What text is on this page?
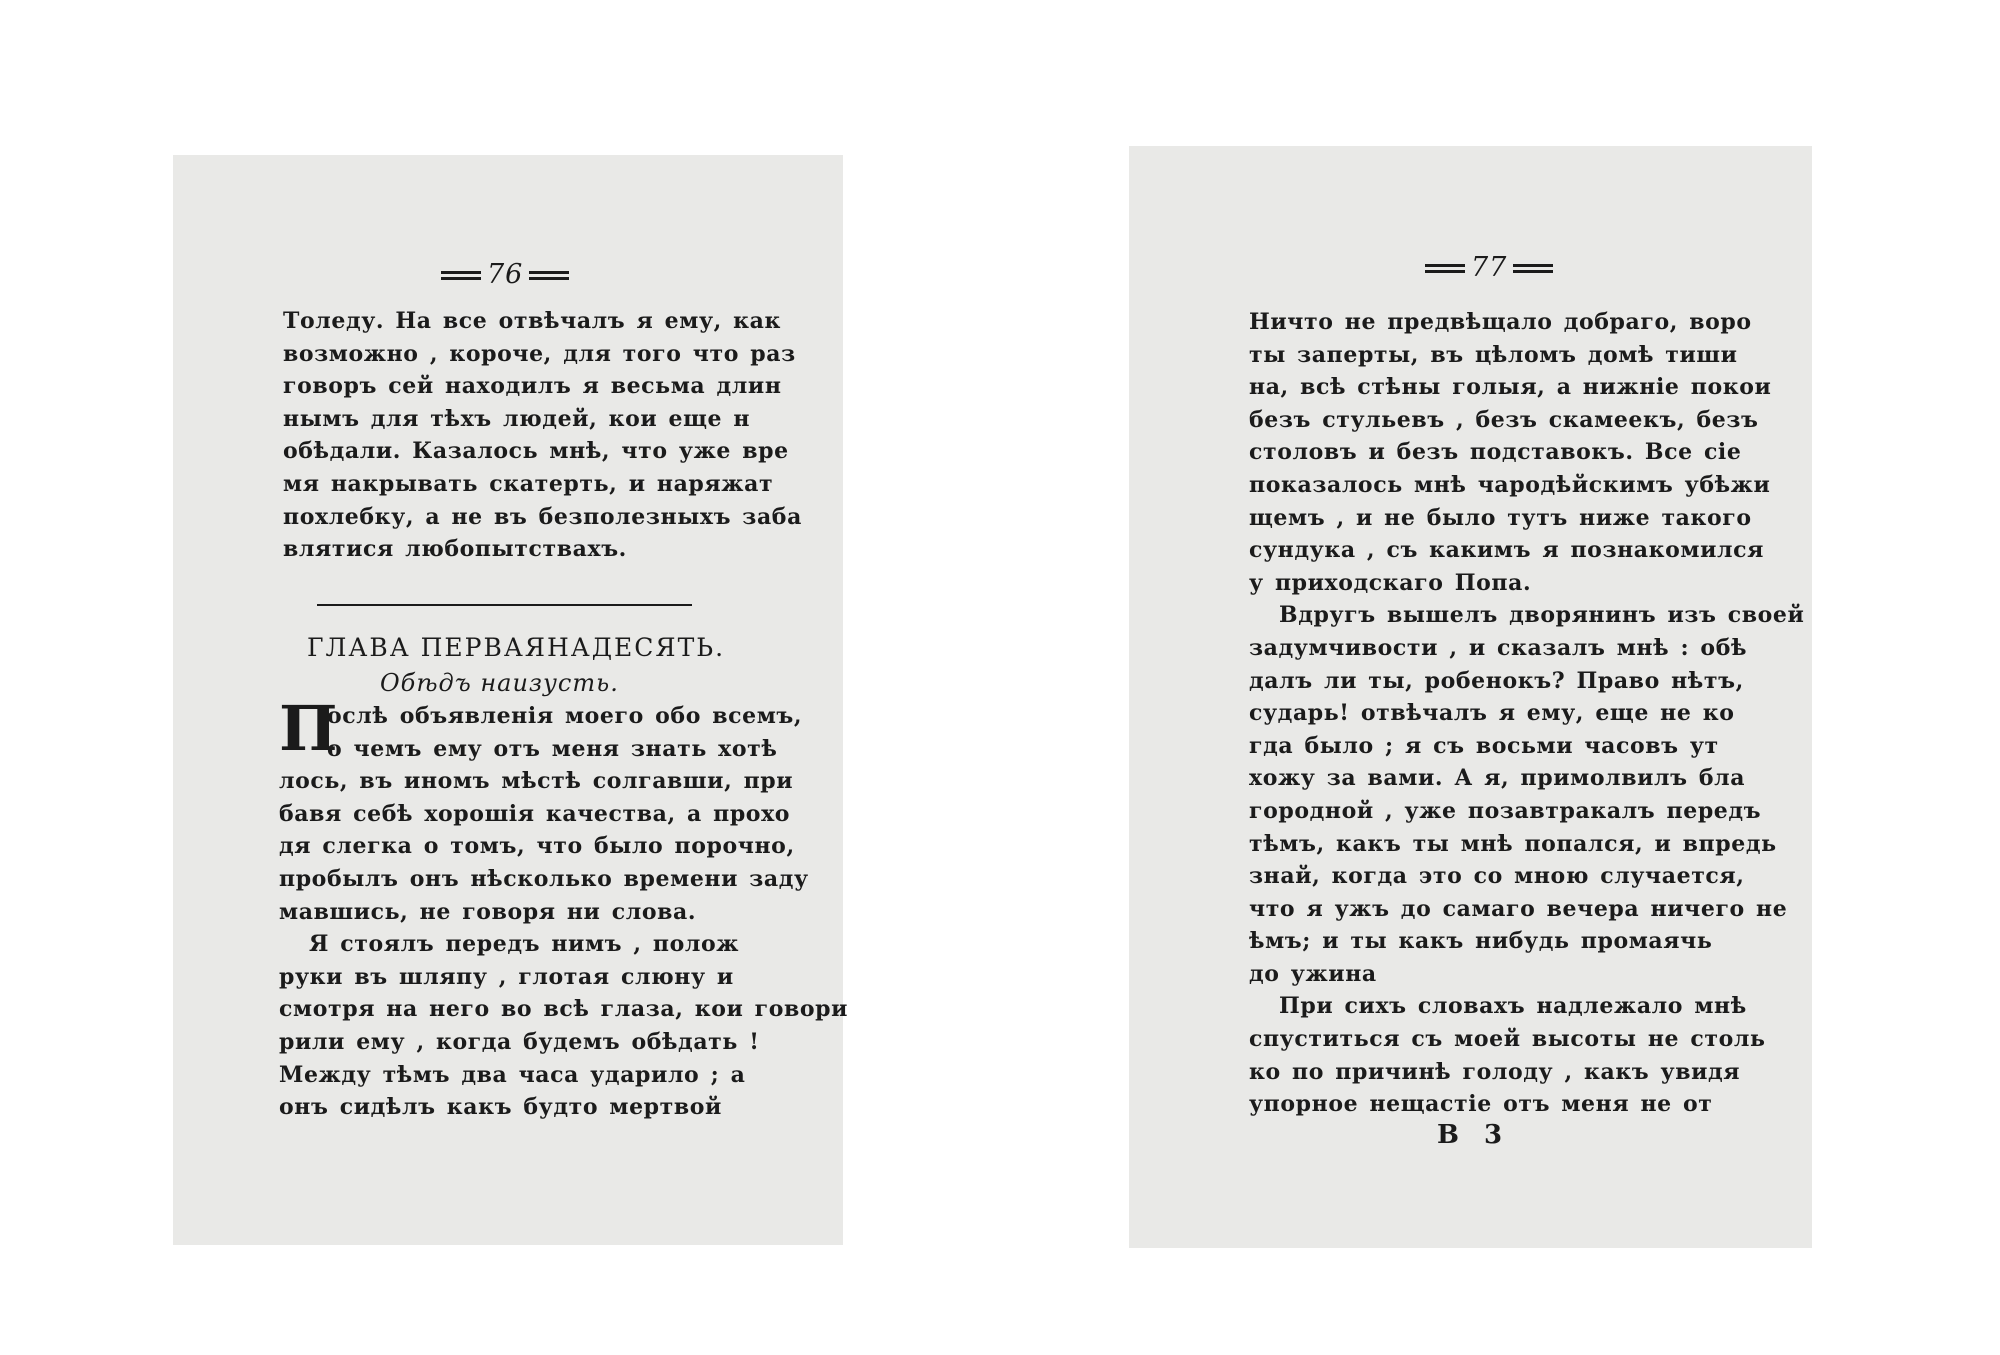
76
Толеду. На все отвѣчалъ я ему, как
возможно , короче, для того что раз
говоръ сей находилъ я весьма длин
нымъ для тѣхъ людей, кои еще н
обѣдали. Казалось мнѣ, что уже вре
мя накрывать скатерть, и наряжат
похлебку, а не въ безполезныхъ заба
влятися любопытствахъ.
ГЛАВА ПЕРВАЯНАДЕСЯТЬ.
Обѣдъ наизусть.
П
ослѣ объявленія моего обо всемъ,
о чемъ ему отъ меня знать хотѣ
лось, въ иномъ мѣстѣ солгавши, при
бавя себѣ хорошія качества, а прохо
дя слегка о томъ, что было порочно,
пробылъ онъ нѣсколько времени заду
мавшись, не говоря ни слова.
Я стоялъ передъ нимъ , полож
руки въ шляпу , глотая слюну и
смотря на него во всѣ глаза, кои говори
рили ему , когда будемъ обѣдать !
Между тѣмъ два часа ударило ; а
онъ сидѣлъ какъ будто мертвой
77
Ничто не предвѣщало добраго, воро
ты заперты, въ цѣломъ домѣ тиши
на, всѣ стѣны голыя, а нижніе покои
безъ стульевъ , безъ скамеекъ, безъ
столовъ и безъ подставокъ. Все сіе
показалось мнѣ чародѣйскимъ убѣжи
щемъ , и не было тутъ ниже такого
сундука , съ какимъ я познакомился
у приходскаго Попа.
Вдругъ вышелъ дворянинъ изъ своей
задумчивости , и сказалъ мнѣ : обѣ
далъ ли ты, робенокъ? Право нѣтъ,
сударь! отвѣчалъ я ему, еще не ко
гда было ; я съ восьми часовъ ут
хожу за вами. А я, примолвилъ бла
городной , уже позавтракалъ передъ
тѣмъ, какъ ты мнѣ попался, и впредь
знай, когда это со мною случается,
что я ужъ до самаго вечера ничего не
ѣмъ; и ты какъ нибудь промаячь
до ужина
При сихъ словахъ надлежало мнѣ
спуститься съ моей высоты не столь
ко по причинѣ голоду , какъ увидя
упорное нещастіе отъ меня не от
В 3
